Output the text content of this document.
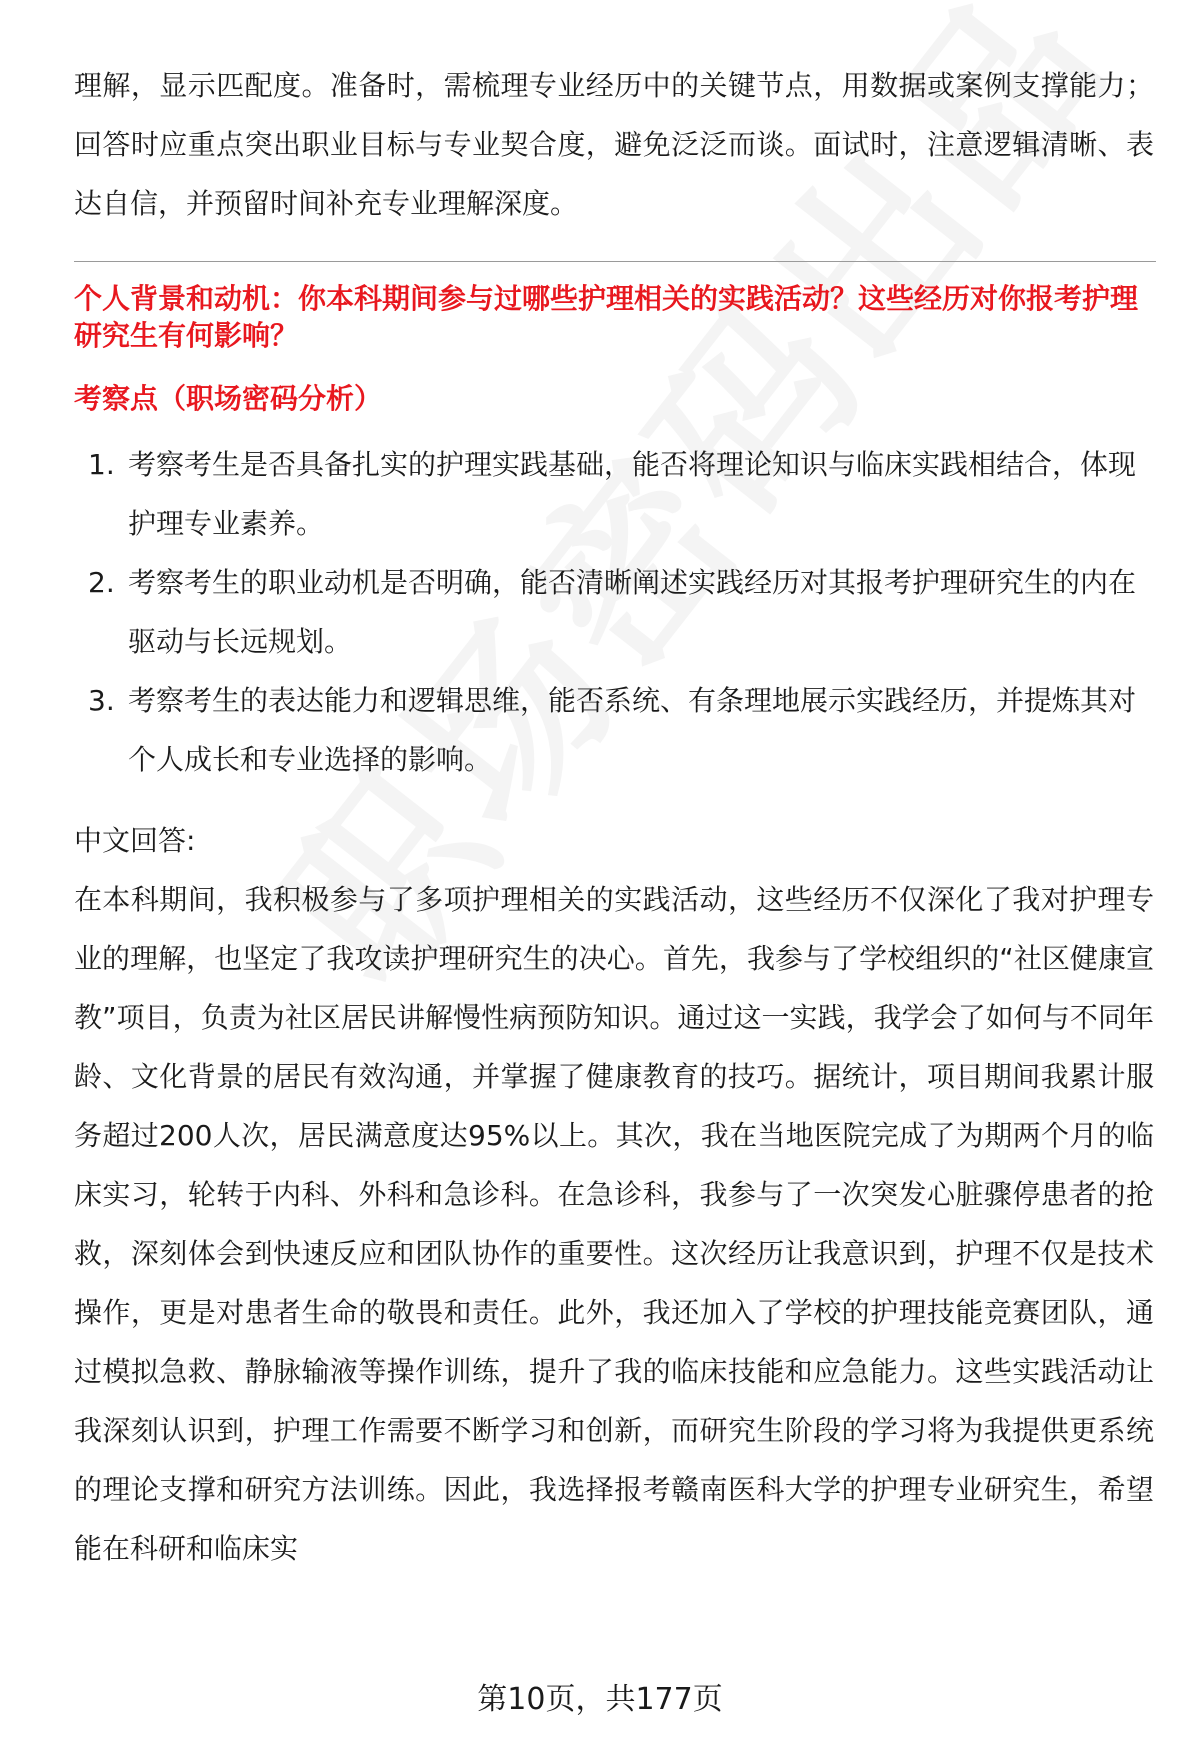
理解，显示匹配度。准备时，需梳理专业经历中的关键节点，用数据或案例支撑能力；回答时应重点突出职业目标与专业契合度，避免泛泛而谈。面试时，注意逻辑清晰、表达自信，并预留时间补充专业理解深度。

个人背景和动机：你本科期间参与过哪些护理相关的实践活动？这些经历对你报考护理研究生有何影响？

考察点（职场密码分析）

1. 考察考生是否具备扎实的护理实践基础，能否将理论知识与临床实践相结合，体现护理专业素养。
2. 考察考生的职业动机是否明确，能否清晰阐述实践经历对其报考护理研究生的内在驱动与长远规划。
3. 考察考生的表达能力和逻辑思维，能否系统、有条理地展示实践经历，并提炼其对个人成长和专业选择的影响。

中文回答:

在本科期间，我积极参与了多项护理相关的实践活动，这些经历不仅深化了我对护理专业的理解，也坚定了我攻读护理研究生的决心。首先，我参与了学校组织的“社区健康宣教”项目，负责为社区居民讲解慢性病预防知识。通过这一实践，我学会了如何与不同年龄、文化背景的居民有效沟通，并掌握了健康教育的技巧。据统计，项目期间我累计服务超过200人次，居民满意度达95%以上。其次，我在当地医院完成了为期两个月的临床实习，轮转于内科、外科和急诊科。在急诊科，我参与了一次突发心脏骤停患者的抢救，深刻体会到快速反应和团队协作的重要性。这次经历让我意识到，护理不仅是技术操作，更是对患者生命的敬畏和责任。此外，我还加入了学校的护理技能竞赛团队，通过模拟急救、静脉输液等操作训练，提升了我的临床技能和应急能力。这些实践活动让我深刻认识到，护理工作需要不断学习和创新，而研究生阶段的学习将为我提供更系统的理论支撑和研究方法训练。因此，我选择报考赣南医科大学的护理专业研究生，希望能在科研和临床实

第10页，共177页
